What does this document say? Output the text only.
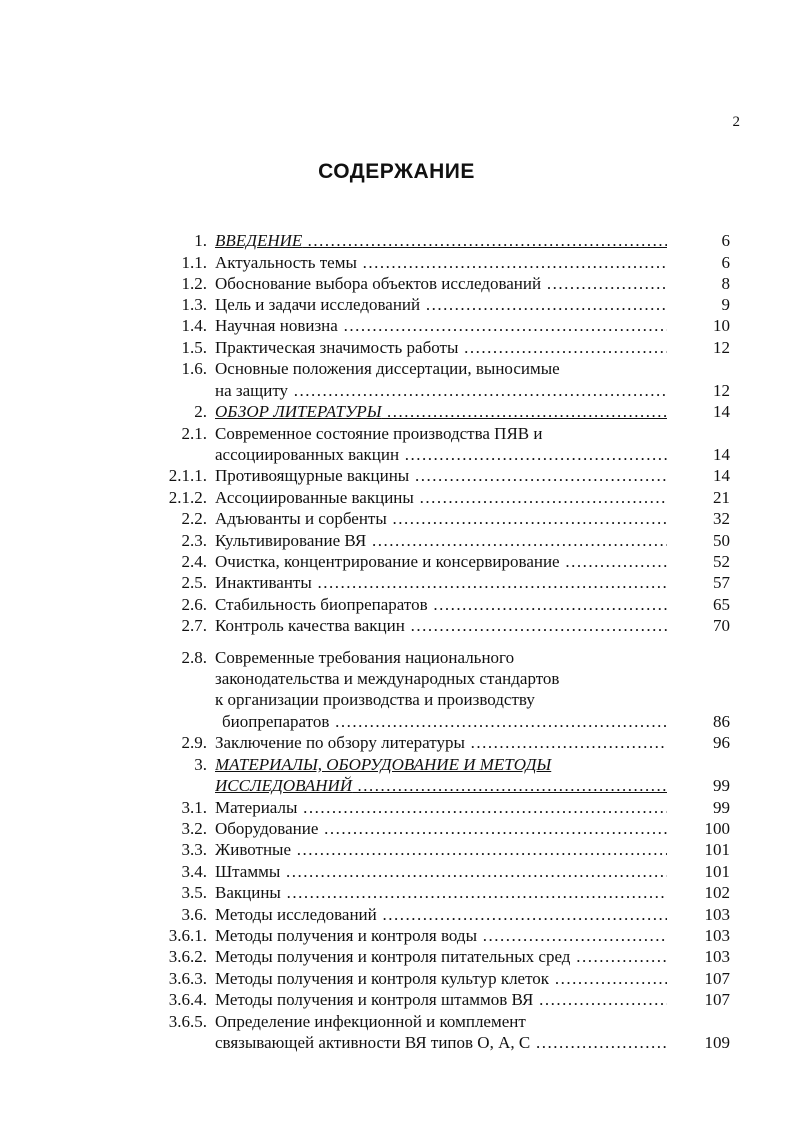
2
СОДЕРЖАНИЕ
1. ВВЕДЕНИЕ .....	6
1.1. Актуальность темы .....	6
1.2. Обоснование выбора объектов исследований .....	8
1.3. Цель и задачи исследований .....	9
1.4. Научная новизна .....	10
1.5. Практическая значимость работы .....	12
1.6. Основные положения диссертации, выносимые
на защиту .....	12
2. ОБЗОР ЛИТЕРАТУРЫ .....	14
2.1. Современное состояние производства ПЯВ и
ассоциированных вакцин .....	14
2.1.1. Противоящурные вакцины .....	14
2.1.2. Ассоциированные вакцины .....	21
2.2. Адъюванты и сорбенты .....	32
2.3. Культивирование ВЯ .....	50
2.4. Очистка, концентрирование и консервирование .....	52
2.5. Инактиванты .....	57
2.6. Стабильность биопрепаратов .....	65
2.7. Контроль качества вакцин .....	70
2.8. Современные требования национального
законодательства и международных стандартов
к организации производства и производству
биопрепаратов .....	86
2.9. Заключение по обзору литературы .....	96
3. МАТЕРИАЛЫ, ОБОРУДОВАНИЕ И МЕТОДЫ
ИССЛЕДОВАНИЙ .....	99
3.1. Материалы .....	99
3.2. Оборудование .....	100
3.3. Животные .....	101
3.4. Штаммы .....	101
3.5. Вакцины .....	102
3.6. Методы исследований .....	103
3.6.1. Методы получения и контроля воды .....	103
3.6.2. Методы получения и контроля питательных сред .....	103
3.6.3. Методы получения и контроля культур клеток .....	107
3.6.4. Методы получения и контроля штаммов ВЯ .....	107
3.6.5. Определение инфекционной и комплемент
связывающей активности ВЯ типов О, А, С .....	109
